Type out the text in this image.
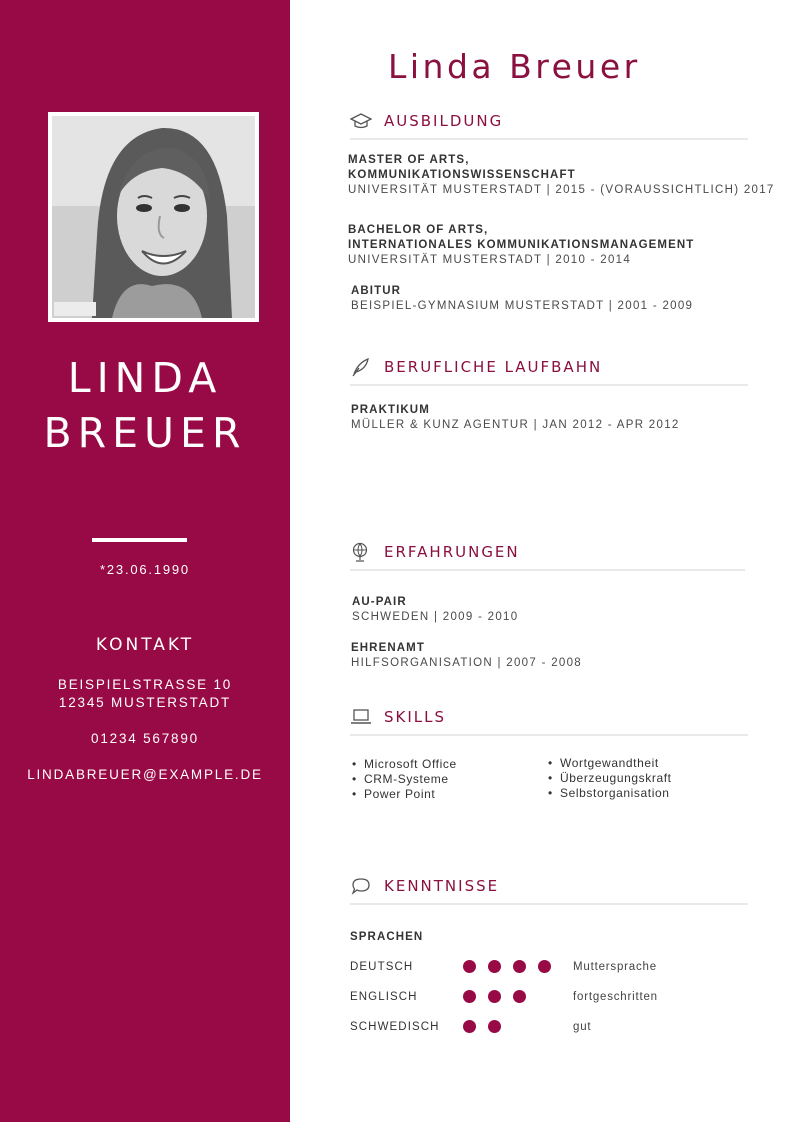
LINDA
BREUER
*23.06.1990
KONTAKT
BEISPIELSTRASSE 10
12345 MUSTERSTADT
01234 567890
LINDABREUER@EXAMPLE.DE
Linda Breuer
AUSBILDUNG
MASTER OF ARTS,
KOMMUNIKATIONSWISSENSCHAFT
UNIVERSITÄT MUSTERSTADT | 2015 - (VORAUSSICHTLICH) 2017
BACHELOR OF ARTS,
INTERNATIONALES KOMMUNIKATIONSMANAGEMENT
UNIVERSITÄT MUSTERSTADT | 2010 - 2014
ABITUR
BEISPIEL-GYMNASIUM MUSTERSTADT | 2001 - 2009
BERUFLICHE LAUFBAHN
PRAKTIKUM
MÜLLER & KUNZ AGENTUR | JAN 2012 - APR 2012
ERFAHRUNGEN
AU-PAIR
SCHWEDEN | 2009 - 2010
EHRENAMT
HILFSORGANISATION | 2007 - 2008
SKILLS
• Microsoft Office
• CRM-Systeme
• Power Point
• Wortgewandtheit
• Überzeugungskraft
• Selbstorganisation
KENNTNISSE
SPRACHEN
DEUTSCH	Muttersprache
ENGLISCH	fortgeschritten
SCHWEDISCH	gut
